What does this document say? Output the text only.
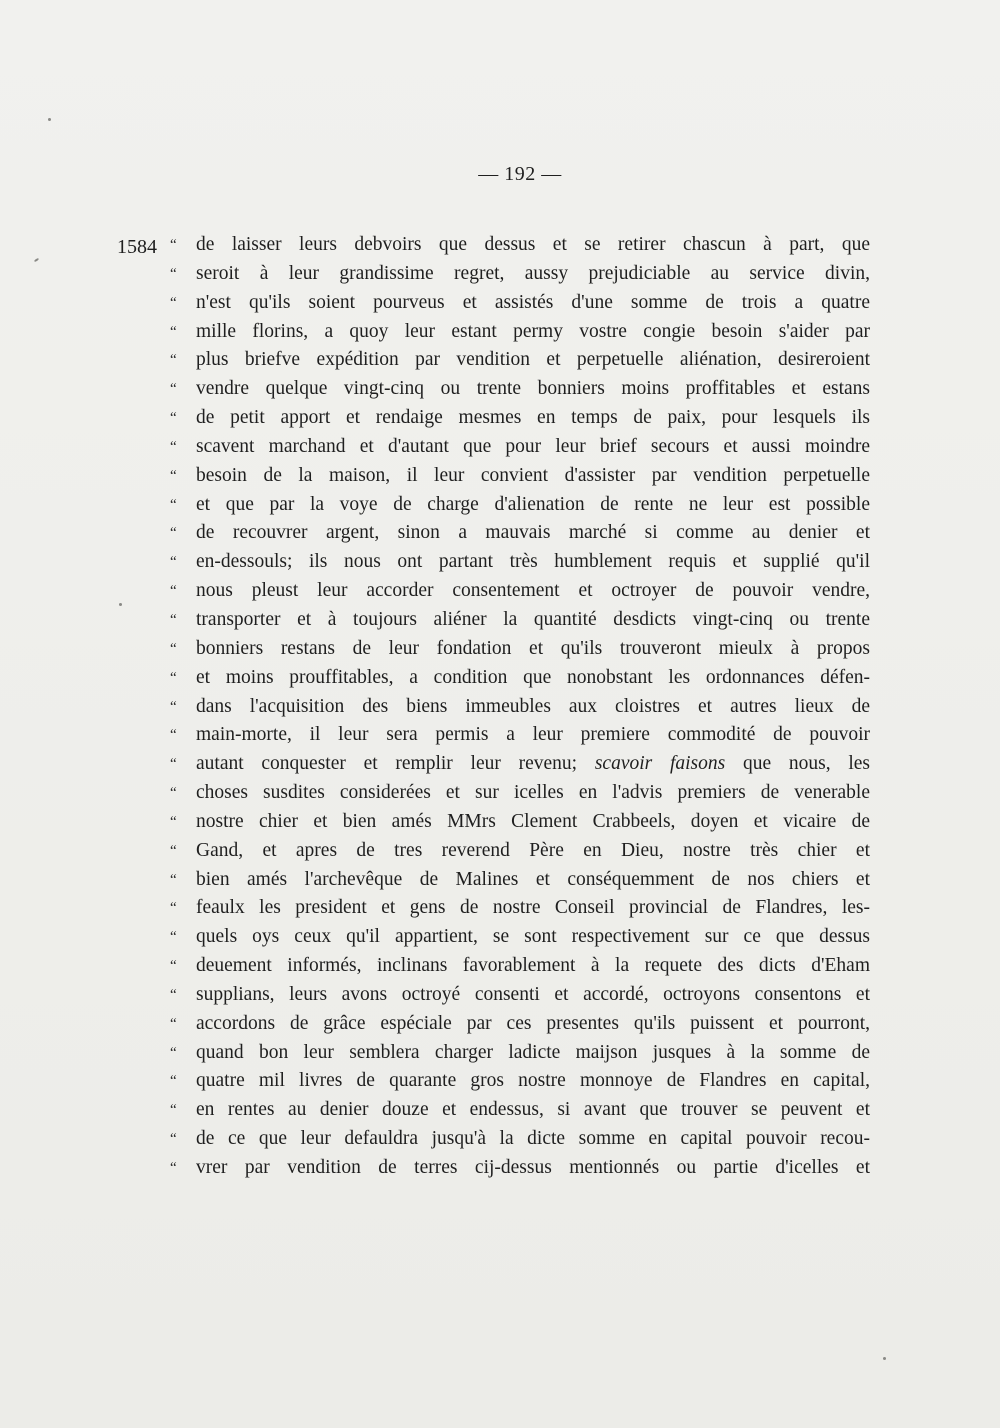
— 192 —
1584 “ de laisser leurs debvoirs que dessus et se retirer chascun à part, que
“ seroit à leur grandissime regret, aussy prejudiciable au service divin,
“ n'est qu'ils soient pourveus et assistés d'une somme de trois a quatre
“ mille florins, a quoy leur estant permy vostre congie besoin s'aider par
“ plus briefve expédition par vendition et perpetuelle aliénation, desireroient
“ vendre quelque vingt-cinq ou trente bonniers moins proffitables et estans
“ de petit apport et rendaige mesmes en temps de paix, pour lesquels ils
“ scavent marchand et d'autant que pour leur brief secours et aussi moindre
“ besoin de la maison, il leur convient d'assister par vendition perpetuelle
“ et que par la voye de charge d'alienation de rente ne leur est possible
“ de recouvrer argent, sinon a mauvais marché si comme au denier et
“ en-dessouls; ils nous ont partant très humblement requis et supplié qu'il
“ nous pleust leur accorder consentement et octroyer de pouvoir vendre,
“ transporter et à toujours aliéner la quantité desdicts vingt-cinq ou trente
“ bonniers restans de leur fondation et qu'ils trouveront mieulx à propos
“ et moins prouffitables, a condition que nonobstant les ordonnances défen-
“ dans l'acquisition des biens immeubles aux cloistres et autres lieux de
“ main-morte, il leur sera permis a leur premiere commodité de pouvoir
“ autant conquester et remplir leur revenu; scavoir faisons que nous, les
“ choses susdites considerées et sur icelles en l'advis premiers de venerable
“ nostre chier et bien amés MMrs Clement Crabbeels, doyen et vicaire de
“ Gand, et apres de tres reverend Père en Dieu, nostre très chier et
“ bien amés l'archevêque de Malines et conséquemment de nos chiers et
“ feaulx les president et gens de nostre Conseil provincial de Flandres, les-
“ quels oys ceux qu'il appartient, se sont respectivement sur ce que dessus
“ deuement informés, inclinans favorablement à la requete des dicts d'Eham
“ supplians, leurs avons octroyé consenti et accordé, octroyons consentons et
“ accordons de grâce espéciale par ces presentes qu'ils puissent et pourront,
“ quand bon leur semblera charger ladicte maijson jusques à la somme de
“ quatre mil livres de quarante gros nostre monnoye de Flandres en capital,
“ en rentes au denier douze et endessus, si avant que trouver se peuvent et
“ de ce que leur defauldra jusqu'à la dicte somme en capital pouvoir recou-
“ vrer par vendition de terres cij-dessus mentionnés ou partie d'icelles et
